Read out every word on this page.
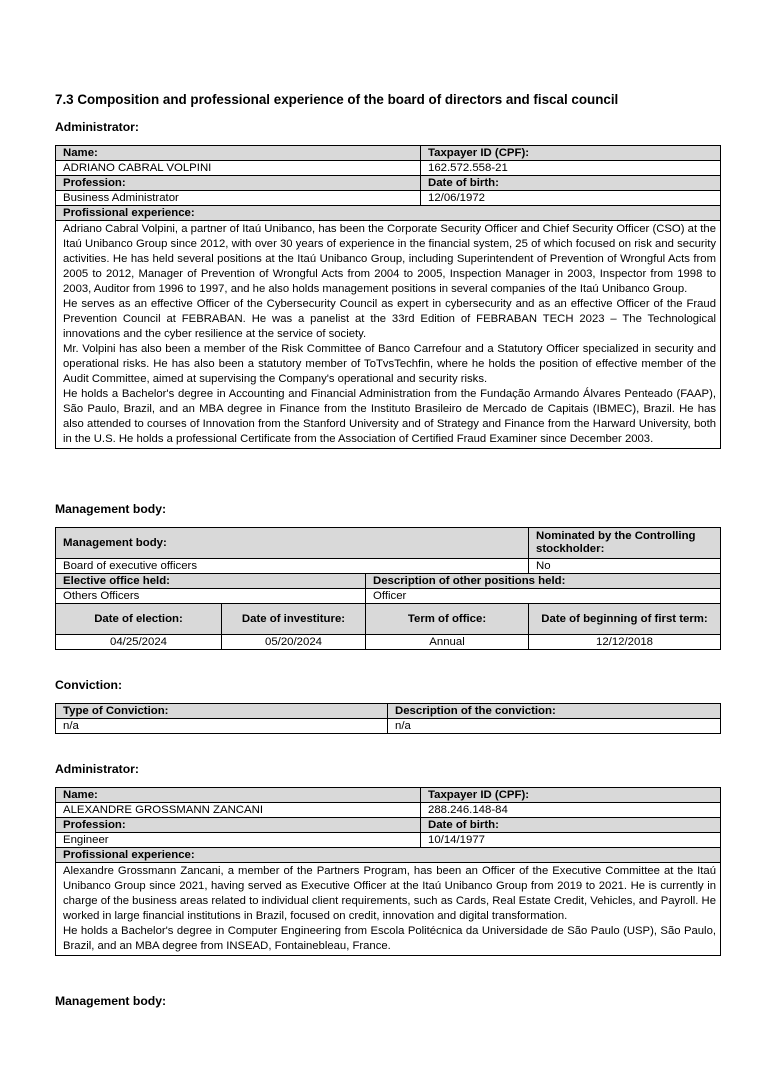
7.3 Composition and professional experience of the board of directors and fiscal council
Administrator:
Name:	Taxpayer ID (CPF):
ADRIANO CABRAL VOLPINI	162.572.558-21
Profession:	Date of birth:
Business Administrator	12/06/1972
Profissional experience:	

Adriano Cabral Volpini, a partner of Itaú Unibanco, has been the Corporate Security Officer and Chief Security Officer (CSO) at the Itaú Unibanco Group since 2012, with over 30 years of experience in the financial system, 25 of which focused on risk and security activities. He has held several positions at the Itaú Unibanco Group, including Superintendent of Prevention of Wrongful Acts from 2005 to 2012, Manager of Prevention of Wrongful Acts from 2004 to 2005, Inspection Manager in 2003, Inspector from 1998 to 2003, Auditor from 1996 to 1997, and he also holds management positions in several companies of the Itaú Unibanco Group.

He serves as an effective Officer of the Cybersecurity Council as expert in cybersecurity and as an effective Officer of the Fraud Prevention Council at FEBRABAN. He was a panelist at the 33rd Edition of FEBRABAN TECH 2023 – The Technological innovations and the cyber resilience at the service of society.

Mr. Volpini has also been a member of the Risk Committee of Banco Carrefour and a Statutory Officer specialized in security and operational risks. He has also been a statutory member of ToTvsTechfin, where he holds the position of effective member of the Audit Committee, aimed at supervising the Company's operational and security risks.

He holds a Bachelor's degree in Accounting and Financial Administration from the Fundação Armando Álvares Penteado (FAAP), São Paulo, Brazil, and an MBA degree in Finance from the Instituto Brasileiro de Mercado de Capitais (IBMEC), Brazil. He has also attended to courses of Innovation from the Stanford University and of Strategy and Finance from the Harward University, both in the U.S. He holds a professional Certificate from the Association of Certified Fraud Examiner since December 2003.	

Management body:
Management body:			Nominated by the Controlling stockholder:
Board of executive officers			No
Elective office held:		Description of other positions held:	
Others Officers		Officer	
Date of election:	Date of investiture:	Term of office:	Date of beginning of first term:
04/25/2024	05/20/2024	Annual	12/12/2018
Conviction:
Type of Conviction:	Description of the conviction:
n/a	n/a
Administrator:
Name:	Taxpayer ID (CPF):
ALEXANDRE GROSSMANN ZANCANI	288.246.148-84
Profession:	Date of birth:
Engineer	10/14/1977
Profissional experience:	

Alexandre Grossmann Zancani, a member of the Partners Program, has been an Officer of the Executive Committee at the Itaú Unibanco Group since 2021, having served as Executive Officer at the Itaú Unibanco Group from 2019 to 2021. He is currently in charge of the business areas related to individual client requirements, such as Cards, Real Estate Credit, Vehicles, and Payroll. He worked in large financial institutions in Brazil, focused on credit, innovation and digital transformation.

He holds a Bachelor's degree in Computer Engineering from Escola Politécnica da Universidade de São Paulo (USP), São Paulo, Brazil, and an MBA degree from INSEAD, Fontainebleau, France.	

Management body:
